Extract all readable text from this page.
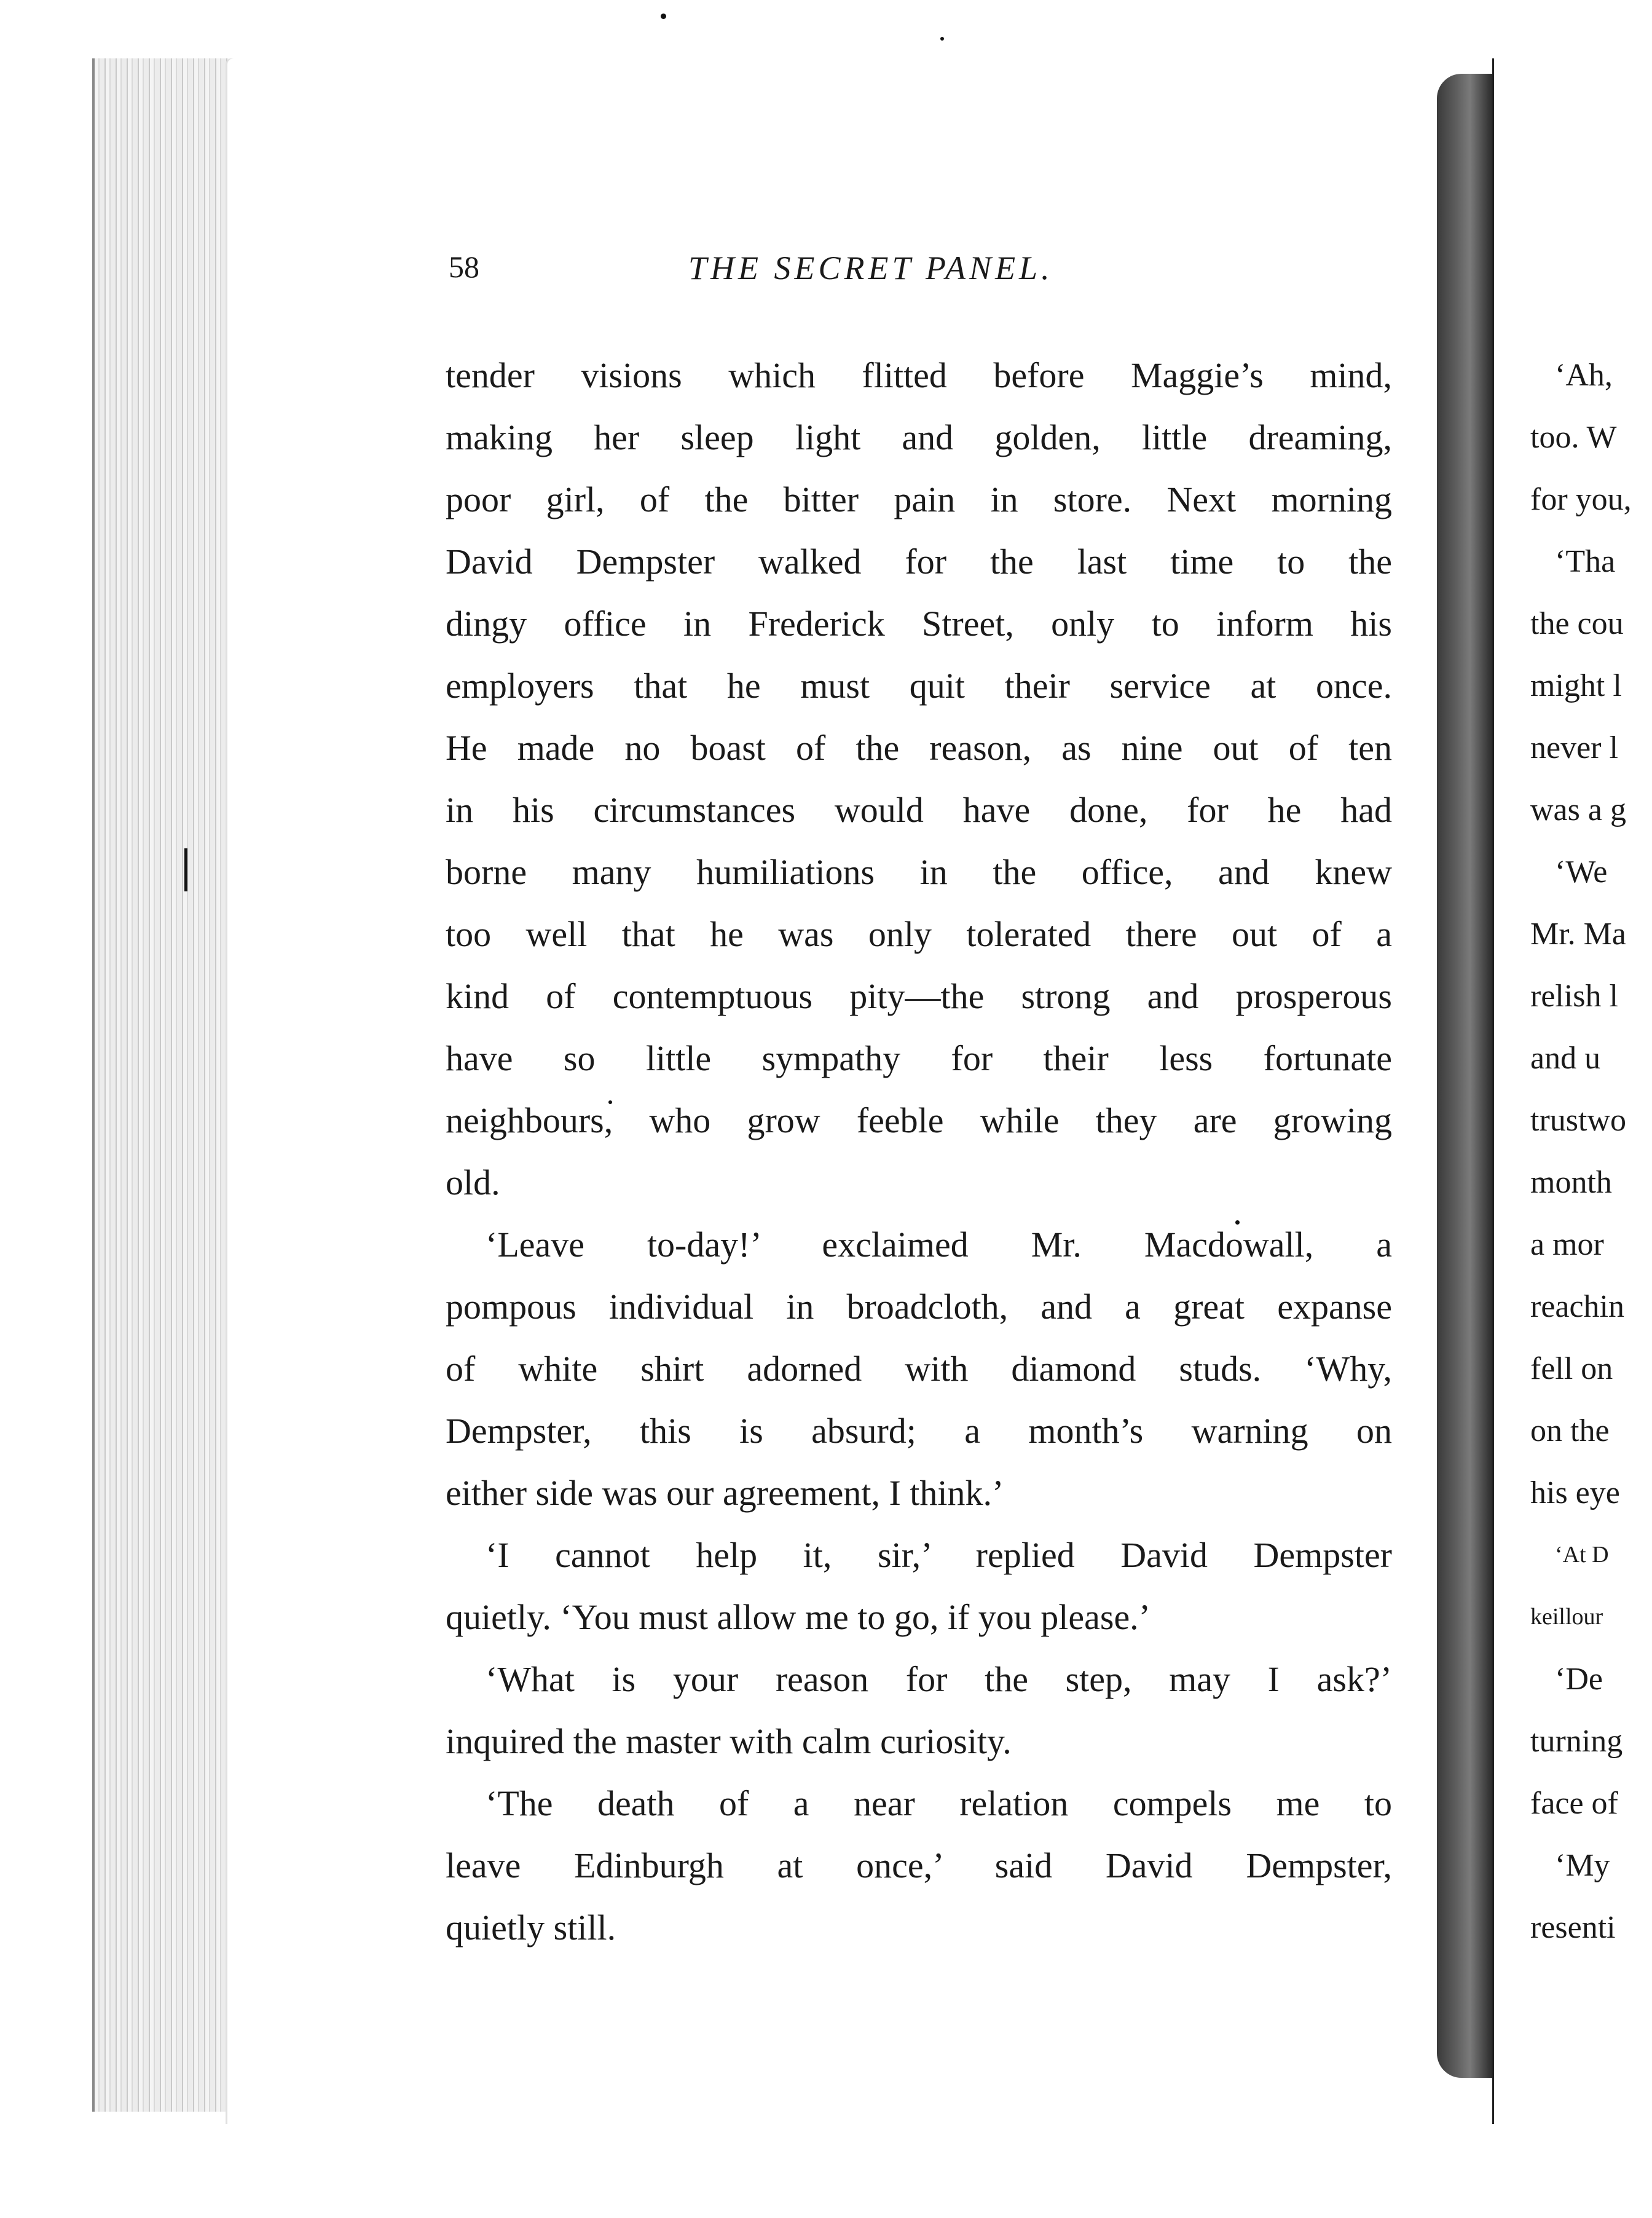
58	THE SECRET PANEL.
tender visions which flitted before Maggie’s mind,
making her sleep light and golden, little dreaming,
poor girl, of the bitter pain in store. Next morning
David Dempster walked for the last time to the
dingy office in Frederick Street, only to inform his
employers that he must quit their service at once.
He made no boast of the reason, as nine out of ten
in his circumstances would have done, for he had
borne many humiliations in the office, and knew
too well that he was only tolerated there out of a
kind of contemptuous pity—the strong and prosperous
have so little sympathy for their less fortunate
neighbours, who grow feeble while they are growing
old.
‘Leave to-day!’ exclaimed Mr. Macdowall, a
pompous individual in broadcloth, and a great expanse
of white shirt adorned with diamond studs. ‘Why,
Dempster, this is absurd; a month’s warning on
either side was our agreement, I think.’
‘I cannot help it, sir,’ replied David Dempster
quietly. ‘You must allow me to go, if you please.’
‘What is your reason for the step, may I ask?’
inquired the master with calm curiosity.
‘The death of a near relation compels me to
leave Edinburgh at once,’ said David Dempster,
quietly still.
‘Ah,
too. W
for you,
‘Tha
the cou
might l
never l
was a g
‘We
Mr. Ma
relish l
and u
trustwo
month
a mor
reachin
fell on
on the
his eye
‘At D
keillour
‘De
turning
face of
‘My
resenti
